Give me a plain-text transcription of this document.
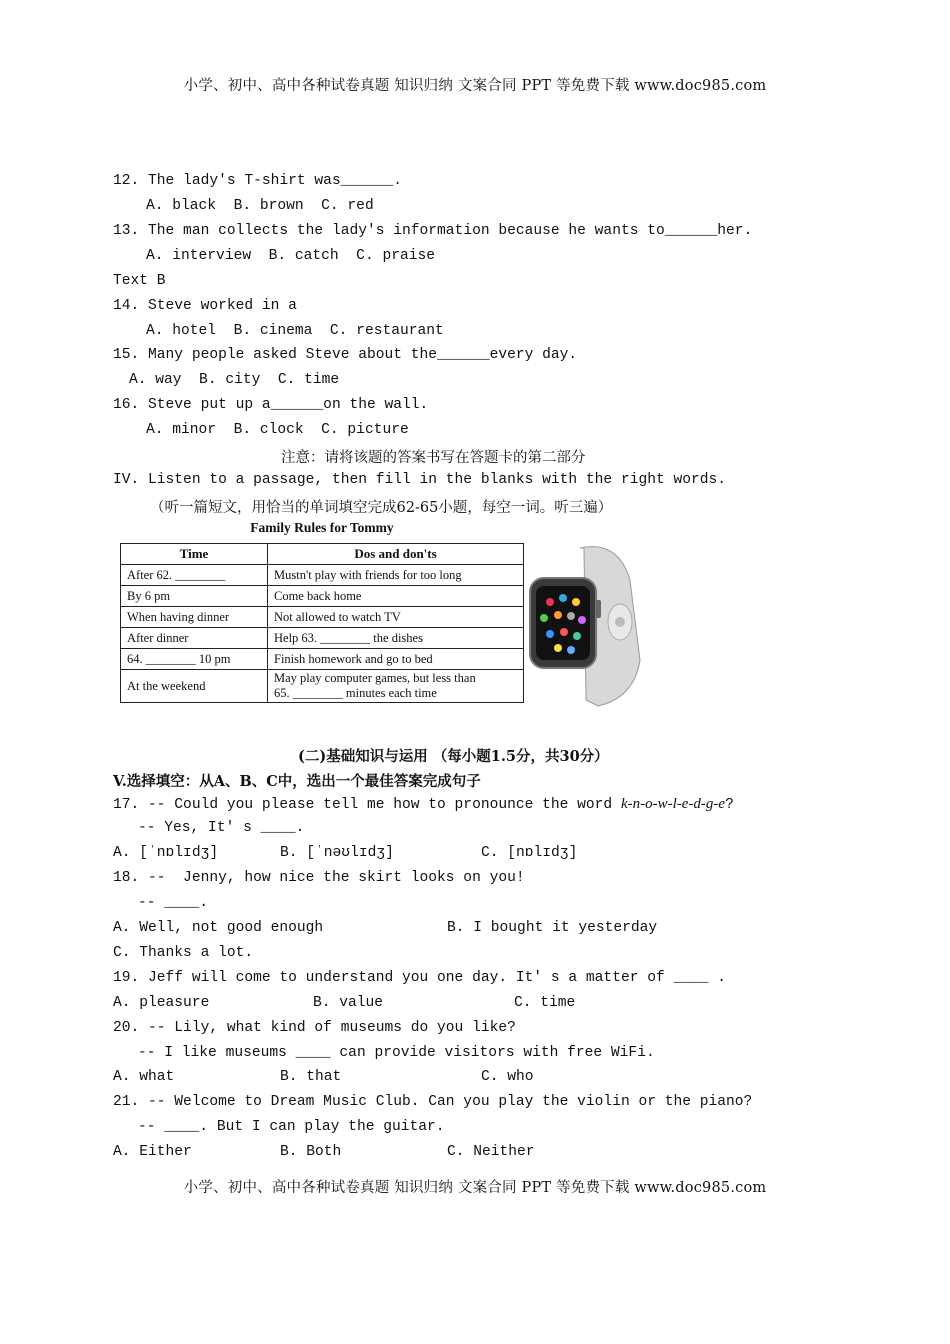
小学、初中、高中各种试卷真题 知识归纳 文案合同 PPT 等免费下载 www.doc985.com
12. The lady's T-shirt was______.
A. black  B. brown  C. red
13. The man collects the lady's information because he wants to______her.
A. interview  B. catch  C. praise
Text B
14. Steve worked in a
A. hotel  B. cinema  C. restaurant
15. Many people asked Steve about the______every day.
A. way  B. city  C. time
16. Steve put up a______on the wall.
A. minor  B. clock  C. picture
注意：请将该题的答案书写在答题卡的第二部分
IV. Listen to a passage, then fill in the blanks with the right words.
（听一篇短文，用恰当的单词填空完成62-65小题，每空一词。听三遍）
Family Rules for Tommy
Time	Dos and don'ts
After 62. ________	Mustn't play with friends for too long
By 6 pm	Come back home
When having dinner	Not allowed to watch TV
After dinner	Help 63. ________ the dishes
64. ________ 10 pm	Finish homework and go to bed
At the weekend	May play computer games, but less than
65. ________ minutes each time
(二)基础知识与运用 （每小题1.5分，共30分）
V.选择填空：从A、B、C中，选出一个最佳答案完成句子
17. -- Could you please tell me how to pronounce the word k-n-o-w-l-e-d-g-e?
-- Yes, It' s ____.
A. [ˈnɒlɪdʒ]	B. [ˈnəʊlɪdʒ]	C. [nɒlɪdʒ]
18. --  Jenny, how nice the skirt looks on you!
-- ____.
A. Well, not good enough	B. I bought it yesterday
C. Thanks a lot.
19. Jeff will come to understand you one day. It' s a matter of ____ .
A. pleasure	B. value	C. time
20. -- Lily, what kind of museums do you like?
-- I like museums ____ can provide visitors with free WiFi.
A. what	B. that	C. who
21. -- Welcome to Dream Music Club. Can you play the violin or the piano?
-- ____. But I can play the guitar.
A. Either	B. Both	C. Neither
小学、初中、高中各种试卷真题 知识归纳 文案合同 PPT 等免费下载 www.doc985.com
